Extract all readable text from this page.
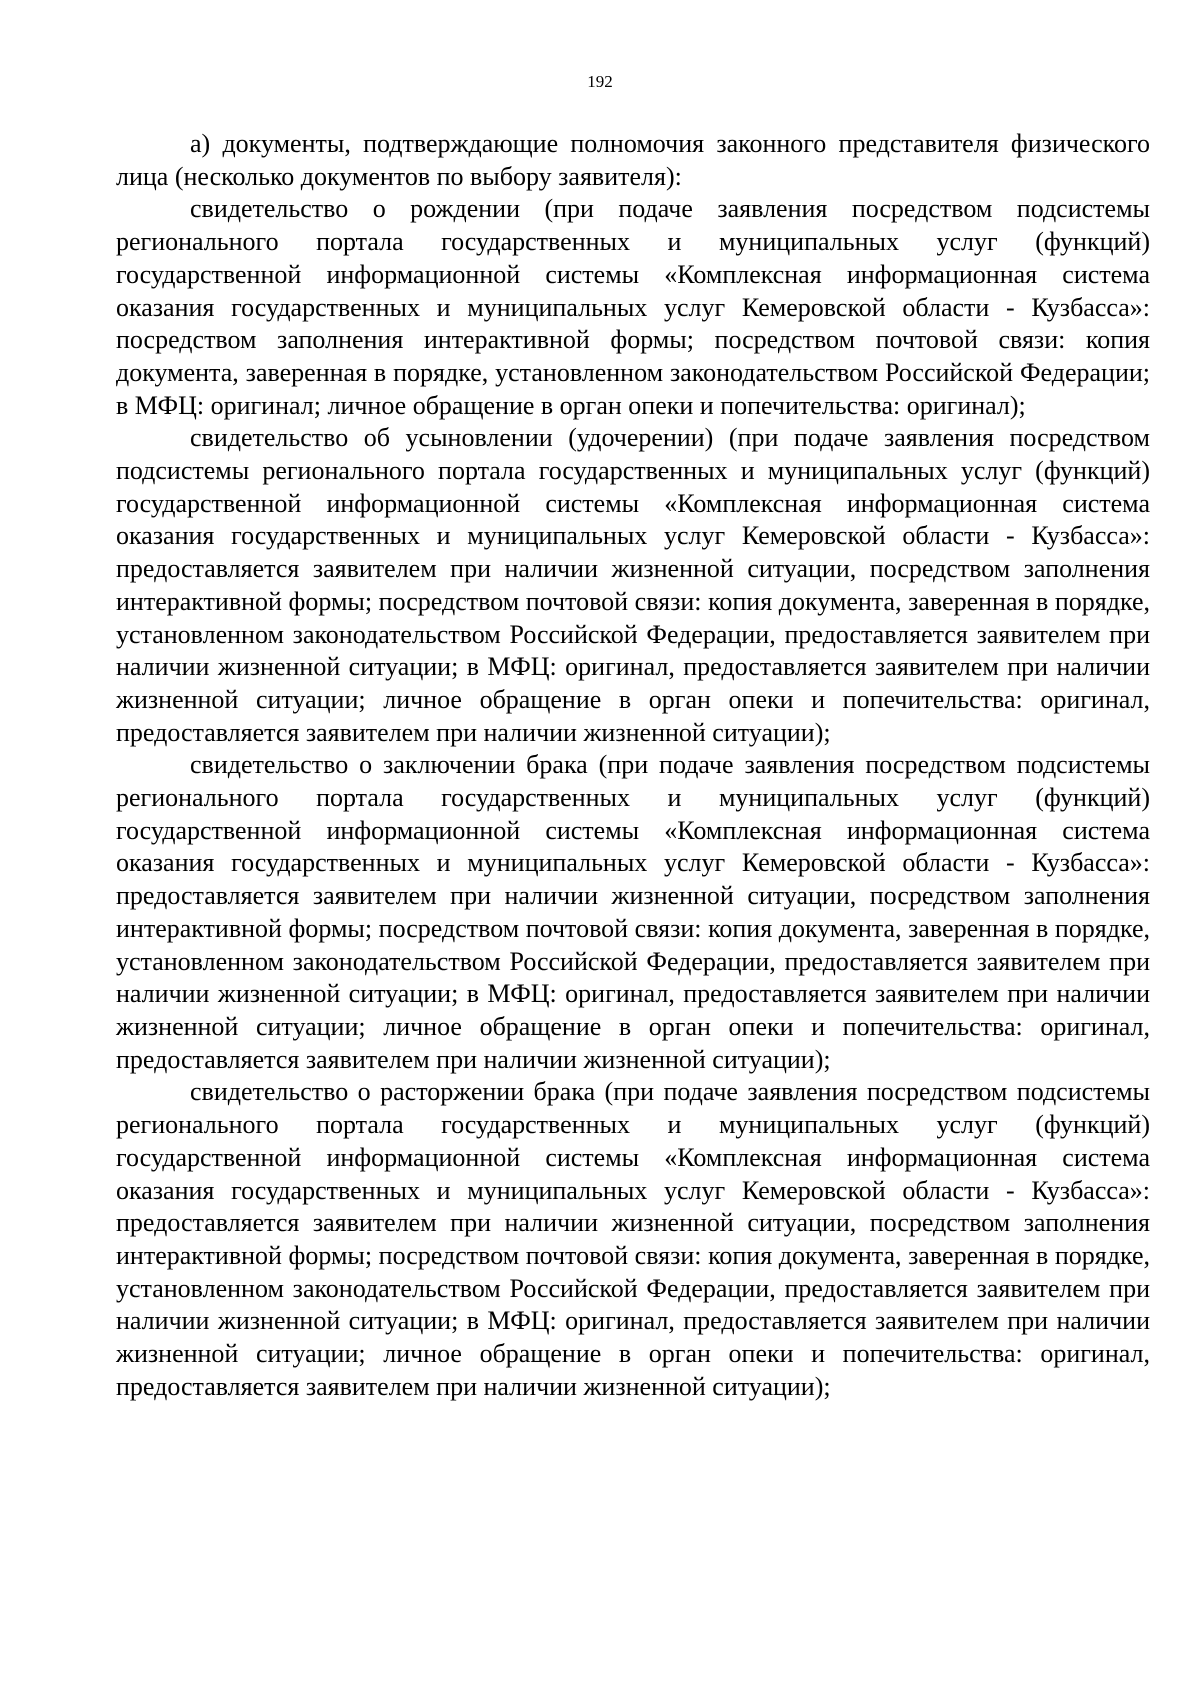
192

а) документы, подтверждающие полномочия законного представителя физического лица (несколько документов по выбору заявителя):

свидетельство о рождении (при подаче заявления посредством подсистемы регионального портала государственных и муниципальных услуг (функций) государственной информационной системы «Комплексная информационная система оказания государственных и муниципальных услуг Кемеровской области - Кузбасса»: посредством заполнения интерактивной формы; посредством почтовой связи: копия документа, заверенная в порядке, установленном законодательством Российской Федерации; в МФЦ: оригинал; личное обращение в орган опеки и попечительства: оригинал);

свидетельство об усыновлении (удочерении) (при подаче заявления посредством подсистемы регионального портала государственных и муниципальных услуг (функций) государственной информационной системы «Комплексная информационная система оказания государственных и муниципальных услуг Кемеровской области - Кузбасса»: предоставляется заявителем при наличии жизненной ситуации, посредством заполнения интерактивной формы; посредством почтовой связи: копия документа, заверенная в порядке, установленном законодательством Российской Федерации, предоставляется заявителем при наличии жизненной ситуации; в МФЦ: оригинал, предоставляется заявителем при наличии жизненной ситуации; личное обращение в орган опеки и попечительства: оригинал, предоставляется заявителем при наличии жизненной ситуации);

свидетельство о заключении брака (при подаче заявления посредством подсистемы регионального портала государственных и муниципальных услуг (функций) государственной информационной системы «Комплексная информационная система оказания государственных и муниципальных услуг Кемеровской области - Кузбасса»: предоставляется заявителем при наличии жизненной ситуации, посредством заполнения интерактивной формы; посредством почтовой связи: копия документа, заверенная в порядке, установленном законодательством Российской Федерации, предоставляется заявителем при наличии жизненной ситуации; в МФЦ: оригинал, предоставляется заявителем при наличии жизненной ситуации; личное обращение в орган опеки и попечительства: оригинал, предоставляется заявителем при наличии жизненной ситуации);

свидетельство о расторжении брака (при подаче заявления посредством подсистемы регионального портала государственных и муниципальных услуг (функций) государственной информационной системы «Комплексная информационная система оказания государственных и муниципальных услуг Кемеровской области - Кузбасса»: предоставляется заявителем при наличии жизненной ситуации, посредством заполнения интерактивной формы; посредством почтовой связи: копия документа, заверенная в порядке, установленном законодательством Российской Федерации, предоставляется заявителем при наличии жизненной ситуации; в МФЦ: оригинал, предоставляется заявителем при наличии жизненной ситуации; личное обращение в орган опеки и попечительства: оригинал, предоставляется заявителем при наличии жизненной ситуации);
